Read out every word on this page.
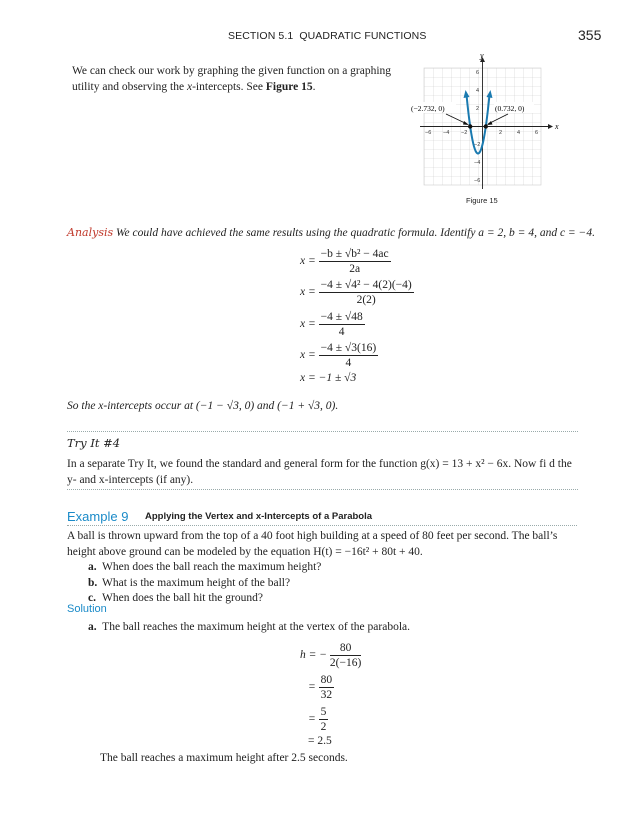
SECTION 5.1 QUADRATIC FUNCTIONS	355
We can check our work by graphing the given function on a graphing utility and observing the x-intercepts. See Figure 15.
x
y
−6 −4 −2	2	4	6
6
4
2
−2
−4
−6
(−2.732, 0)	(0.732, 0)
Figure 15
Analysis We could have achieved the same results using the quadratic formula. Identify a = 2, b = 4, and c = −4.
$x = \frac{\text{−b ± √b² − 4ac}}{2a}$
$x = \frac{\text{−4 ± √4² − 4(2)(−4)}}{2(2)}$
$x = \frac{-4 \pm √48}{4}$
$x = \frac{-4 \pm √3(16)}{4}$
x = −1 ± √3
So the x-intercepts occur at (−1 − √3, 0) and (−1 + √3, 0).
Try It #4
In a separate Try It, we found the standard and general form for the function g(x) = 13 + x² − 6x. Now fi d the y- and x-intercepts (if any).
Example 9 Applying the Vertex and x-Intercepts of a Parabola
A ball is thrown upward from the top of a 40 foot high building at a speed of 80 feet per second. The ball’s height above ground can be modeled by the equation H(t) = −16t² + 80t + 40.
a. When does the ball reach the maximum height?
b. What is the maximum height of the ball?
c. When does the ball hit the ground?
Solution
a. The ball reaches the maximum height at the vertex of the parabola.
h = − $\frac{80}{2(-16)}$
= $\frac{80}{32}$
= $\frac{5}{2}$
= 2.5
The ball reaches a maximum height after 2.5 seconds.
